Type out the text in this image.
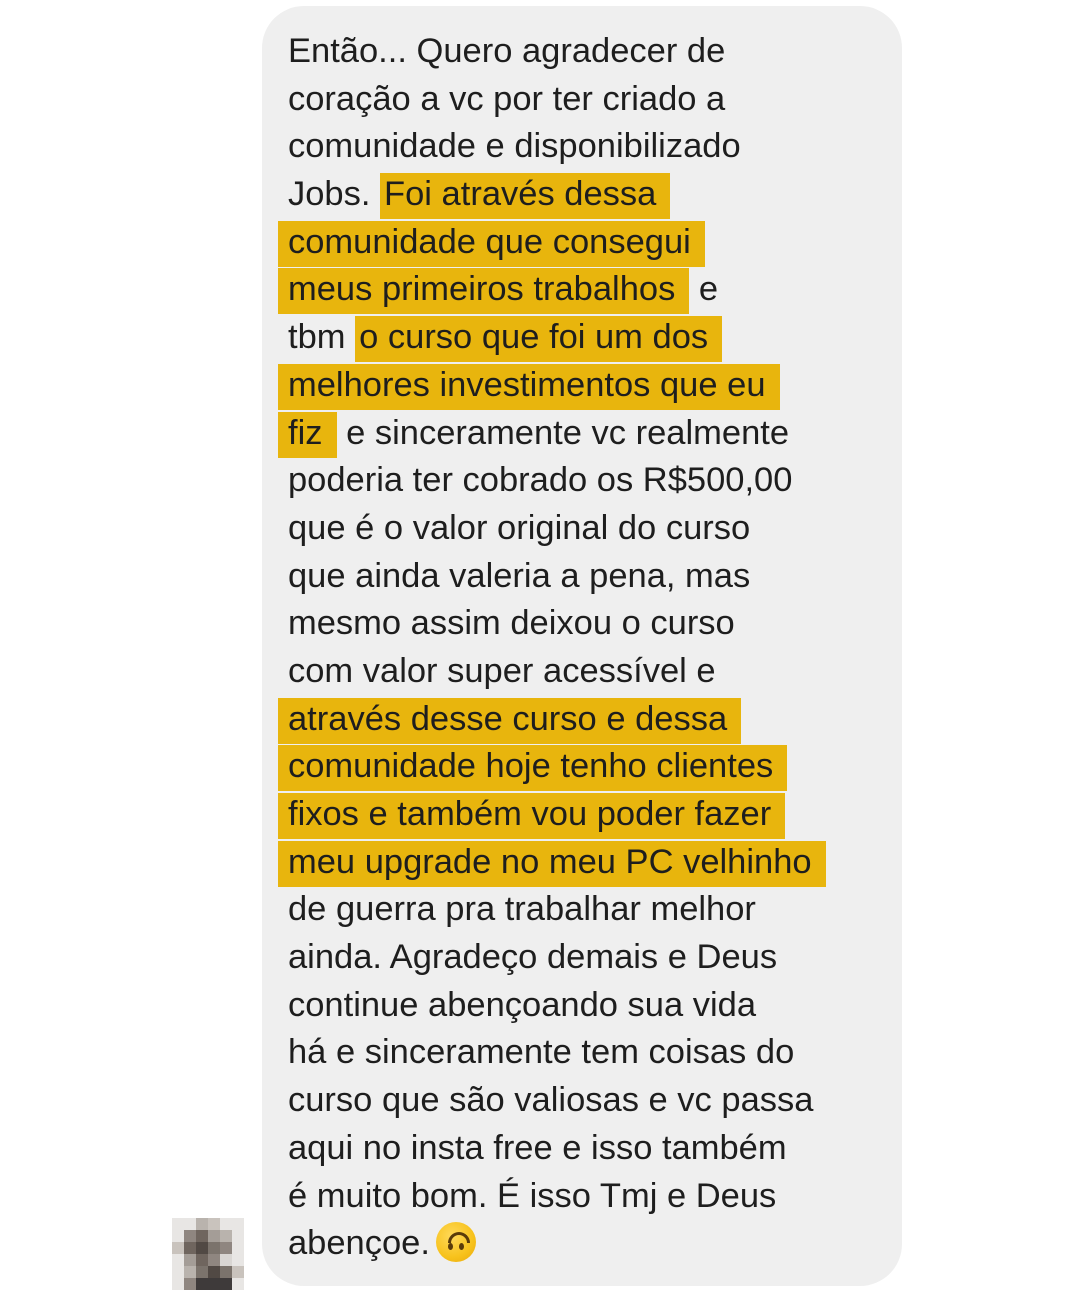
Então... Quero agradecer de
coração a vc por ter criado a
comunidade e disponibilizado
Jobs. Foi através dessa
comunidade que consegui
meus primeiros trabalhos e
tbm o curso que foi um dos
melhores investimentos que eu
fiz e sinceramente vc realmente
poderia ter cobrado os R$500,00
que é o valor original do curso
que ainda valeria a pena, mas
mesmo assim deixou o curso
com valor super acessível e
através desse curso e dessa
comunidade hoje tenho clientes
fixos e também vou poder fazer
meu upgrade no meu PC velhinho
de guerra pra trabalhar melhor
ainda. Agradeço demais e Deus
continue abençoando sua vida
há e sinceramente tem coisas do
curso que são valiosas e vc passa
aqui no insta free e isso também
é muito bom. É isso Tmj e Deus
abençoe.
